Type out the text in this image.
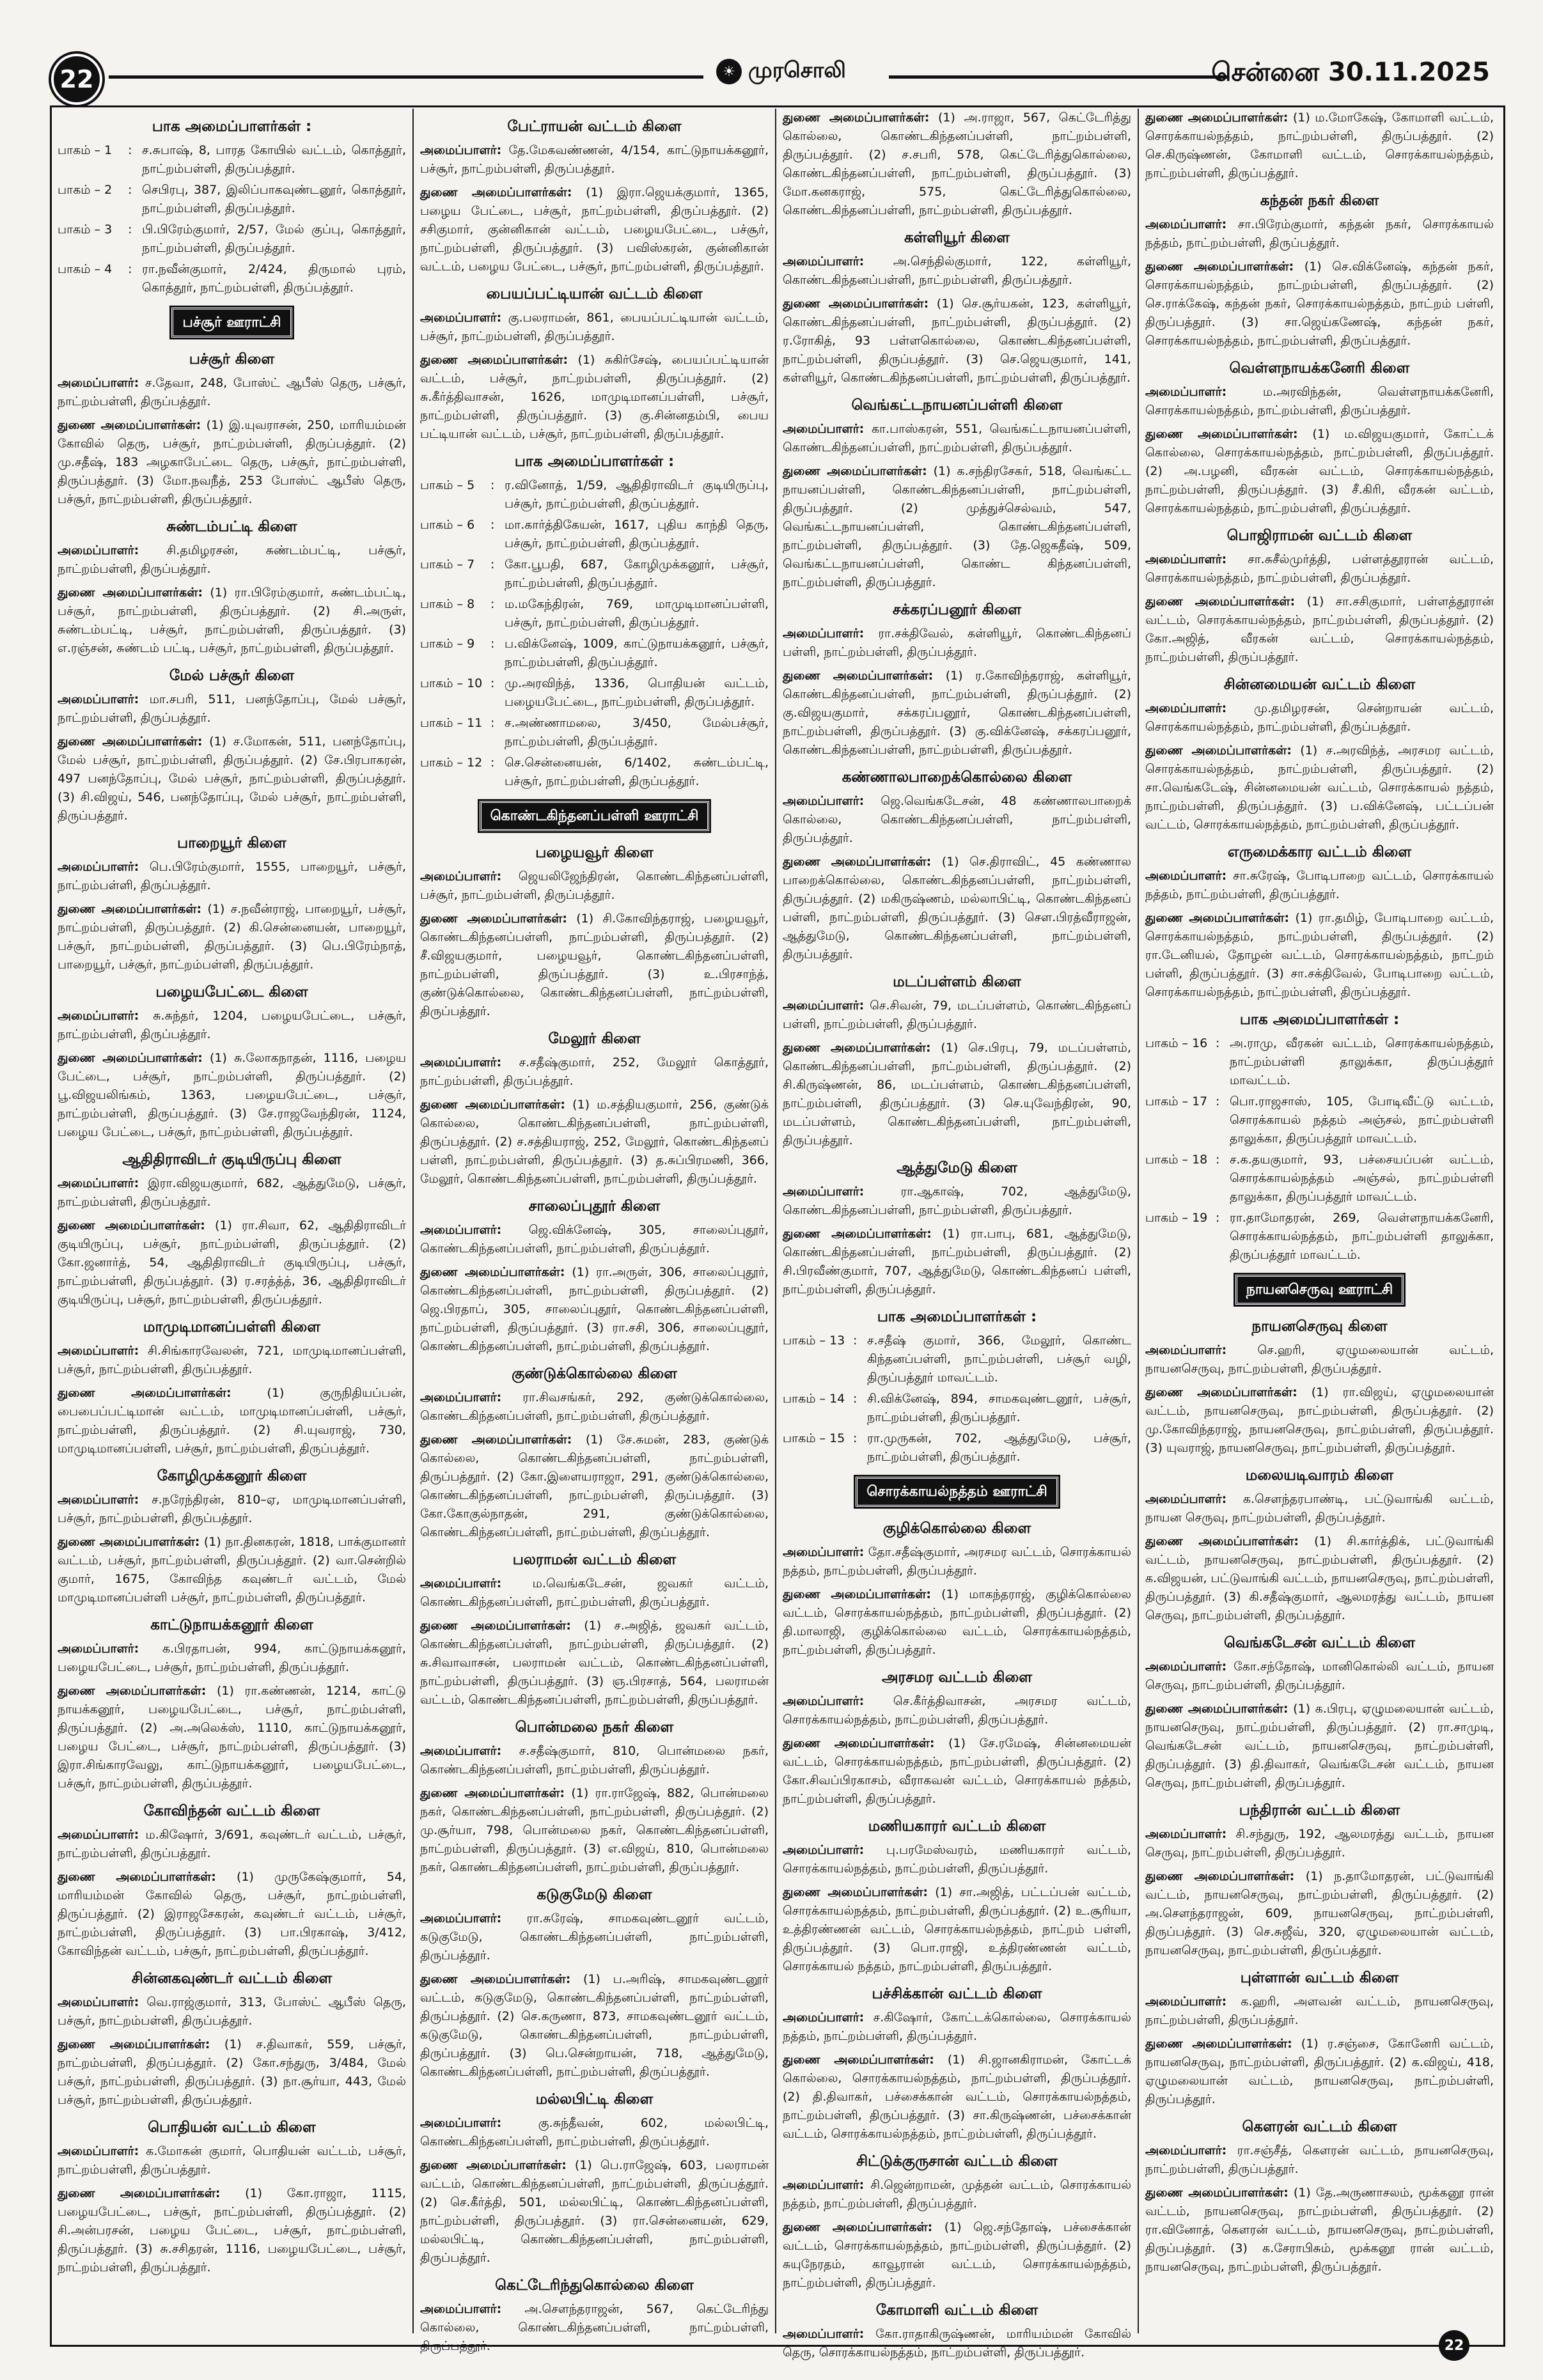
22	☀ முரசொலி	சென்னை 30.11.2025
பாக அமைப்பாளர்கள் :
பாகம் – 1	: ச.சுபாஷ், 8, பாரத கோயில் வட்டம், கொத்தூர், நாட்றம்பள்ளி, திருப்பத்தூர்.
பாகம் – 2	: செபிரபு, 387, இலிப்பாகவுண்டனூர், கொத்தூர், நாட்றம்பள்ளி, திருப்பத்தூர்.
பாகம் – 3	: பி.பிரேம்குமார், 2/57, மேல் குப்பு, கொத்தூர், நாட்றம்பள்ளி, திருப்பத்தூர்.
பாகம் – 4	: ரா.நவீன்குமார், 2/424, திருமால் புரம், கொத்தூர், நாட்றம்பள்ளி, திருப்பத்தூர்.
பச்சூர் ஊராட்சி
பச்சூர் கிளை
அமைப்பாளர்: ச.தேவா, 248, போஸ்ட் ஆபீஸ் தெரு, பச்சூர், நாட்றம்பள்ளி, திருப்பத்தூர்.
துணை அமைப்பாளர்கள்: (1) இ.யுவராசன், 250, மாரியம்மன் கோவில் தெரு, பச்சூர், நாட்றம்பள்ளி, திருப்பத்தூர். (2) மு.சதீஷ், 183 அழகாபேட்டை தெரு, பச்சூர், நாட்றம்பள்ளி, திருப்பத்தூர். (3) மோ.நவநீத், 253 போஸ்ட் ஆபீஸ் தெரு, பச்சூர், நாட்றம்பள்ளி, திருப்பத்தூர்.
சுண்டம்பட்டி கிளை
அமைப்பாளர்: சி.தமிழரசன், சுண்டம்பட்டி, பச்சூர், நாட்றம்பள்ளி, திருப்பத்தூர்.
துணை அமைப்பாளர்கள்: (1) ரா.பிரேம்குமார், சுண்டம்பட்டி, பச்சூர், நாட்றம்பள்ளி, திருப்பத்தூர். (2) சி.அருள், சுண்டம்பட்டி, பச்சூர், நாட்றம்பள்ளி, திருப்பத்தூர். (3) எ.ரஞ்சன், சுண்டம் பட்டி, பச்சூர், நாட்றம்பள்ளி, திருப்பத்தூர்.
மேல் பச்சூர் கிளை
அமைப்பாளர்: மா.சபரி, 511, பனந்தோப்பு, மேல் பச்சூர், நாட்றம்பள்ளி, திருப்பத்தூர்.
துணை அமைப்பாளர்கள்: (1) ச.மோகன், 511, பனந்தோப்பு, மேல் பச்சூர், நாட்றம்பள்ளி, திருப்பத்தூர். (2) சே.பிரபாகரன், 497 பனந்தோப்பு, மேல் பச்சூர், நாட்றம்பள்ளி, திருப்பத்தூர். (3) சி.விஜய், 546, பனந்தோப்பு, மேல் பச்சூர், நாட்றம்பள்ளி, திருப்பத்தூர்.
பாறையூர் கிளை
அமைப்பாளர்: பெ.பிரேம்குமார், 1555, பாறையூர், பச்சூர், நாட்றம்பள்ளி, திருப்பத்தூர்.
துணை அமைப்பாளர்கள்: (1) ச.நவீன்ராஜ், பாறையூர், பச்சூர், நாட்றம்பள்ளி, திருப்பத்தூர். (2) கி.சென்னையன், பாறையூர், பச்சூர், நாட்றம்பள்ளி, திருப்பத்தூர். (3) பெ.பிரேம்நாத், பாறையூர், பச்சூர், நாட்றம்பள்ளி, திருப்பத்தூர்.
பழையபேட்டை கிளை
அமைப்பாளர்: சு.சுந்தர், 1204, பழையபேட்டை, பச்சூர், நாட்றம்பள்ளி, திருப்பத்தூர்.
துணை அமைப்பாளர்கள்: (1) சு.லோகநாதன், 1116, பழைய பேட்டை, பச்சூர், நாட்றம்பள்ளி, திருப்பத்தூர். (2) பூ.விஜயலிங்கம், 1363, பழையபேட்டை, பச்சூர், நாட்றம்பள்ளி, திருப்பத்தூர். (3) சே.ராஜவேந்திரன், 1124, பழைய பேட்டை, பச்சூர், நாட்றம்பள்ளி, திருப்பத்தூர்.
ஆதிதிராவிடர் குடியிருப்பு கிளை
அமைப்பாளர்: இரா.விஜயகுமார், 682, ஆத்துமேடு, பச்சூர், நாட்றம்பள்ளி, திருப்பத்தூர்.
துணை அமைப்பாளர்கள்: (1) ரா.சிவா, 62, ஆதிதிராவிடர் குடியிருப்பு, பச்சூர், நாட்றம்பள்ளி, திருப்பத்தூர். (2) கோ.ஜனார்த், 54, ஆதிதிராவிடர் குடியிருப்பு, பச்சூர், நாட்றம்பள்ளி, திருப்பத்தூர். (3) ர.சரத்த்த், 36, ஆதிதிராவிடர் குடியிருப்பு, பச்சூர், நாட்றம்பள்ளி, திருப்பத்தூர்.
மாமுடிமானப்பள்ளி கிளை
அமைப்பாளர்: சி.சிங்காரவேலன், 721, மாமுடிமானப்பள்ளி, பச்சூர், நாட்றம்பள்ளி, திருப்பத்தூர்.
துணை அமைப்பாளர்கள்: (1) குருநிதியப்பன், பைபைப்பட்டிமான் வட்டம், மாமுடிமானப்பள்ளி, பச்சூர், நாட்றம்பள்ளி, திருப்பத்தூர். (2) சி.யுவராஜ், 730, மாமுடிமானப்பள்ளி, பச்சூர், நாட்றம்பள்ளி, திருப்பத்தூர்.
கோழிமுக்கனூர் கிளை
அமைப்பாளர்: ச.நரேந்திரன், 810–ஏ, மாமுடிமானப்பள்ளி, பச்சூர், நாட்றம்பள்ளி, திருப்பத்தூர்.
துணை அமைப்பாளர்கள்: (1) நா.தினகரன், 1818, பாக்குமானர் வட்டம், பச்சூர், நாட்றம்பள்ளி, திருப்பத்தூர். (2) வா.சென்றில் குமார், 1675, கோவிந்த கவுண்டர் வட்டம், மேல் மாமுடிமானப்பள்ளி பச்சூர், நாட்றம்பள்ளி, திருப்பத்தூர்.
காட்டுநாயக்கனூர் கிளை
அமைப்பாளர்: க.பிரதாபன், 994, காட்டுநாயக்கனூர், பழையபேட்டை, பச்சூர், நாட்றம்பள்ளி, திருப்பத்தூர்.
துணை அமைப்பாளர்கள்: (1) ரா.கண்ணன், 1214, காட்டு நாயக்கனூர், பழையபேட்டை, பச்சூர், நாட்றம்பள்ளி, திருப்பத்தூர். (2) அ.அலெக்ஸ், 1110, காட்டுநாயக்கனூர், பழைய பேட்டை, பச்சூர், நாட்றம்பள்ளி, திருப்பத்தூர். (3) இரா.சிங்காரவேலு, காட்டுநாயக்கனூர், பழையபேட்டை, பச்சூர், நாட்றம்பள்ளி, திருப்பத்தூர்.
கோவிந்தன் வட்டம் கிளை
அமைப்பாளர்: ம.கிஷோர், 3/691, கவுண்டர் வட்டம், பச்சூர், நாட்றம்பள்ளி, திருப்பத்தூர்.
துணை அமைப்பாளர்கள்: (1) முருகேஷ்குமார், 54, மாரியம்மன் கோவில் தெரு, பச்சூர், நாட்றம்பள்ளி, திருப்பத்தூர். (2) இராஜசேகரன், கவுண்டர் வட்டம், பச்சூர், நாட்றம்பள்ளி, திருப்பத்தூர். (3) பா.பிரகாஷ், 3/412, கோவிந்தன் வட்டம், பச்சூர், நாட்றம்பள்ளி, திருப்பத்தூர்.
சின்னகவுண்டர் வட்டம் கிளை
அமைப்பாளர்: வெ.ராஜ்குமார், 313, போஸ்ட் ஆபீஸ் தெரு, பச்சூர், நாட்றம்பள்ளி, திருப்பத்தூர்.
துணை அமைப்பாளர்கள்: (1) ச.திவாகர், 559, பச்சூர், நாட்றம்பள்ளி, திருப்பத்தூர். (2) கோ.சந்துரு, 3/484, மேல் பச்சூர், நாட்றம்பள்ளி, திருப்பத்தூர். (3) நா.சூர்யா, 443, மேல் பச்சூர், நாட்றம்பள்ளி, திருப்பத்தூர்.
பொதியன் வட்டம் கிளை
அமைப்பாளர்: க.மோகன் குமார், பொதியன் வட்டம், பச்சூர், நாட்றம்பள்ளி, திருப்பத்தூர்.
துணை அமைப்பாளர்கள்: (1) கோ.ராஜா, 1115, பழையபேட்டை, பச்சூர், நாட்றம்பள்ளி, திருப்பத்தூர். (2) சி.அன்பரசன், பழைய பேட்டை, பச்சூர், நாட்றம்பள்ளி, திருப்பத்தூர். (3) சு.சசிதரன், 1116, பழையபேட்டை, பச்சூர், நாட்றம்பள்ளி, திருப்பத்தூர்.
பேட்ராயன் வட்டம் கிளை
அமைப்பாளர்: தே.மேகவண்ணன், 4/154, காட்டுநாயக்கனூர், பச்சூர், நாட்றம்பள்ளி, திருப்பத்தூர்.
துணை அமைப்பாளர்கள்: (1) இரா.ஜெயக்குமார், 1365, பழைய பேட்டை, பச்சூர், நாட்றம்பள்ளி, திருப்பத்தூர். (2) சசிகுமார், குன்னிகான் வட்டம், பழையபேட்டை, பச்சூர், நாட்றம்பள்ளி, திருப்பத்தூர். (3) பவிஸ்கரன், குன்னிகான் வட்டம், பழைய பேட்டை, பச்சூர், நாட்றம்பள்ளி, திருப்பத்தூர்.
பையப்பட்டியான் வட்டம் கிளை
அமைப்பாளர்: கு.பலராமன், 861, பையப்பட்டியான் வட்டம், பச்சூர், நாட்றம்பள்ளி, திருப்பத்தூர்.
துணை அமைப்பாளர்கள்: (1) சுகிர்சேஷ், பையப்பட்டியான் வட்டம், பச்சூர், நாட்றம்பள்ளி, திருப்பத்தூர். (2) சு.கீர்த்திவாசன், 1626, மாமுடிமானப்பள்ளி, பச்சூர், நாட்றம்பள்ளி, திருப்பத்தூர். (3) கு.சின்னதம்பி, பைய பட்டியான் வட்டம், பச்சூர், நாட்றம்பள்ளி, திருப்பத்தூர்.
பாக அமைப்பாளர்கள் :
பாகம் – 5	: ர.வினோத், 1/59, ஆதிதிராவிடர் குடியிருப்பு, பச்சூர், நாட்றம்பள்ளி, திருப்பத்தூர்.
பாகம் – 6	: மா.கார்த்திகேயன், 1617, புதிய காந்தி தெரு, பச்சூர், நாட்றம்பள்ளி, திருப்பத்தூர்.
பாகம் – 7	: கோ.பூபதி, 687, கோழிமுக்கனூர், பச்சூர், நாட்றம்பள்ளி, திருப்பத்தூர்.
பாகம் – 8	: ம.மகேந்திரன், 769, மாமுடிமானப்பள்ளி, பச்சூர், நாட்றம்பள்ளி, திருப்பத்தூர்.
பாகம் – 9	: ப.விக்னேஷ், 1009, காட்டுநாயக்கனூர், பச்சூர், நாட்றம்பள்ளி, திருப்பத்தூர்.
பாகம் – 10 : மு.அரவிந்த், 1336, பொதியன் வட்டம், பழையபேட்டை, நாட்றம்பள்ளி, திருப்பத்தூர்.
பாகம் – 11 : ச.அண்ணாமலை, 3/450, மேல்பச்சூர், நாட்றம்பள்ளி, திருப்பத்தூர்.
பாகம் – 12 : செ.சென்னையன், 6/1402, சுண்டம்பட்டி, பச்சூர், நாட்றம்பள்ளி, திருப்பத்தூர்.
கொண்டகிந்தனப்பள்ளி ஊராட்சி
பழையவூர் கிளை
அமைப்பாளர்: ஜெயலிஜேந்திரன், கொண்டகிந்தனப்பள்ளி, பச்சூர், நாட்றம்பள்ளி, திருப்பத்தூர்.
துணை அமைப்பாளர்கள்: (1) சி.கோவிந்தராஜ், பழையவூர், கொண்டகிந்தனப்பள்ளி, நாட்றம்பள்ளி, திருப்பத்தூர். (2) சீ.விஜயகுமார், பழையவூர், கொண்டகிந்தனப்பள்ளி, நாட்றம்பள்ளி, திருப்பத்தூர். (3) உ.பிரசாந்த், குண்டுக்கொல்லை, கொண்டகிந்தனப்பள்ளி, நாட்றம்பள்ளி, திருப்பத்தூர்.
மேலூர் கிளை
அமைப்பாளர்: ச.சதீஷ்குமார், 252, மேலூர் கொத்தூர், நாட்றம்பள்ளி, திருப்பத்தூர்.
துணை அமைப்பாளர்கள்: (1) ம.சத்தியகுமார், 256, குண்டுக் கொல்லை, கொண்டகிந்தனப்பள்ளி, நாட்றம்பள்ளி, திருப்பத்தூர். (2) ச.சத்தியராஜ், 252, மேலூர், கொண்டகிந்தனப் பள்ளி, நாட்றம்பள்ளி, திருப்பத்தூர். (3) த.சுப்பிரமணி, 366, மேலூர், கொண்டகிந்தனப்பள்ளி, நாட்றம்பள்ளி, திருப்பத்தூர்.
சாலைப்புதூர் கிளை
அமைப்பாளர்: ஜெ.விக்னேஷ், 305, சாலைப்புதூர், கொண்டகிந்தனப்பள்ளி, நாட்றம்பள்ளி, திருப்பத்தூர்.
துணை அமைப்பாளர்கள்: (1) ரா.அருள், 306, சாலைப்புதூர், கொண்டகிந்தனப்பள்ளி, நாட்றம்பள்ளி, திருப்பத்தூர். (2) ஜெ.பிரதாப், 305, சாலைப்புதூர், கொண்டகிந்தனப்பள்ளி, நாட்றம்பள்ளி, திருப்பத்தூர். (3) ரா.சசி, 306, சாலைப்புதூர், கொண்டகிந்தனப்பள்ளி, நாட்றம்பள்ளி, திருப்பத்தூர்.
குண்டுக்கொல்லை கிளை
அமைப்பாளர்: ரா.சிவசங்கர், 292, குண்டுக்கொல்லை, கொண்டகிந்தனப்பள்ளி, நாட்றம்பள்ளி, திருப்பத்தூர்.
துணை அமைப்பாளர்கள்: (1) சே.சுமன், 283, குண்டுக் கொல்லை, கொண்டகிந்தனப்பள்ளி, நாட்றம்பள்ளி, திருப்பத்தூர். (2) கோ.இளையராஜா, 291, குண்டுக்கொல்லை, கொண்டகிந்தனப்பள்ளி, நாட்றம்பள்ளி, திருப்பத்தூர். (3) கோ.கோகுல்நாதன், 291, குண்டுக்கொல்லை, கொண்டகிந்தனப்பள்ளி, நாட்றம்பள்ளி, திருப்பத்தூர்.
பலராமன் வட்டம் கிளை
அமைப்பாளர்: ம.வெங்கடேசன், ஜவகர் வட்டம், கொண்டகிந்தனப்பள்ளி, நாட்றம்பள்ளி, திருப்பத்தூர்.
துணை அமைப்பாளர்கள்: (1) ச.அஜித், ஜவகர் வட்டம், கொண்டகிந்தனப்பள்ளி, நாட்றம்பள்ளி, திருப்பத்தூர். (2) சு.சிவாவாசன், பலராமன் வட்டம், கொண்டகிந்தனப்பள்ளி, நாட்றம்பள்ளி, திருப்பத்தூர். (3) ஞ.பிரசாத், 564, பலராமன் வட்டம், கொண்டகிந்தனப்பள்ளி, நாட்றம்பள்ளி, திருப்பத்தூர்.
பொன்மலை நகர் கிளை
அமைப்பாளர்: ச.சதீஷ்குமார், 810, பொன்மலை நகர், கொண்டகிந்தனப்பள்ளி, நாட்றம்பள்ளி, திருப்பத்தூர்.
துணை அமைப்பாளர்கள்: (1) ரா.ராஜேஷ், 882, பொன்மலை நகர், கொண்டகிந்தனப்பள்ளி, நாட்றம்பள்ளி, திருப்பத்தூர். (2) மு.சூர்யா, 798, பொன்மலை நகர், கொண்டகிந்தனப்பள்ளி, நாட்றம்பள்ளி, திருப்பத்தூர். (3) எ.விஜய், 810, பொன்மலை நகர், கொண்டகிந்தனப்பள்ளி, நாட்றம்பள்ளி, திருப்பத்தூர்.
கடுகுமேடு கிளை
அமைப்பாளர்: ரா.சுரேஷ், சாமகவுண்டனூர் வட்டம், கடுகுமேடு, கொண்டகிந்தனப்பள்ளி, நாட்றம்பள்ளி, திருப்பத்தூர்.
துணை அமைப்பாளர்கள்: (1) ப.அரிஷ், சாமகவுண்டனூர் வட்டம், கடுகுமேடு, கொண்டகிந்தனப்பள்ளி, நாட்றம்பள்ளி, திருப்பத்தூர். (2) செ.கருணா, 873, சாமகவுண்டனூர் வட்டம், கடுகுமேடு, கொண்டகிந்தனப்பள்ளி, நாட்றம்பள்ளி, திருப்பத்தூர். (3) பெ.சென்றாயன், 718, ஆத்துமேடு, கொண்டகிந்தனப்பள்ளி, நாட்றம்பள்ளி, திருப்பத்தூர்.
மல்லபிட்டி கிளை
அமைப்பாளர்: கு.சுந்தீவன், 602, மல்லபிட்டி, கொண்டகிந்தனப்பள்ளி, நாட்றம்பள்ளி, திருப்பத்தூர்.
துணை அமைப்பாளர்கள்: (1) பெ.ராஜேஷ், 603, பலராமன் வட்டம், கொண்டகிந்தனப்பள்ளி, நாட்றம்பள்ளி, திருப்பத்தூர். (2) செ.கீர்த்தி, 501, மல்லபிட்டி, கொண்டகிந்தனப்பள்ளி, நாட்றம்பள்ளி, திருப்பத்தூர். (3) ரா.சென்னையன், 629, மல்லபிட்டி, கொண்டகிந்தனப்பள்ளி, நாட்றம்பள்ளி, திருப்பத்தூர்.
கெட்டேரிந்துகொல்லை கிளை
அமைப்பாளர்: அ.சௌந்தராஜன், 567, கெட்டேரிந்து கொல்லை, கொண்டகிந்தனப்பள்ளி, நாட்றம்பள்ளி, திருப்பத்தூர்.
துணை அமைப்பாளர்கள்: (1) அ.ராஜா, 567, கெட்டேரித்து கொல்லை, கொண்டகிந்தனப்பள்ளி, நாட்றம்பள்ளி, திருப்பத்தூர். (2) ச.சபரி, 578, கெட்டேரித்துகொல்லை, கொண்டகிந்தனப்பள்ளி, நாட்றம்பள்ளி, திருப்பத்தூர். (3) மோ.கனகராஜ், 575, கெட்டேரித்துகொல்லை, கொண்டகிந்தனப்பள்ளி, நாட்றம்பள்ளி, திருப்பத்தூர்.
கள்ளியூர் கிளை
அமைப்பாளர்: அ.செந்தில்குமார், 122, கள்ளியூர், கொண்டகிந்தனப்பள்ளி, நாட்றம்பள்ளி, திருப்பத்தூர்.
துணை அமைப்பாளர்கள்: (1) செ.சூர்யகன், 123, கள்ளியூர், கொண்டகிந்தனப்பள்ளி, நாட்றம்பள்ளி, திருப்பத்தூர். (2) ர.ரோகித், 93 பள்ளகொல்லை, கொண்டகிந்தனப்பள்ளி, நாட்றம்பள்ளி, திருப்பத்தூர். (3) செ.ஜெயகுமார், 141, கள்ளியூர், கொண்டகிந்தனப்பள்ளி, நாட்றம்பள்ளி, திருப்பத்தூர்.
வெங்கட்டநாயனப்பள்ளி கிளை
அமைப்பாளர்: கா.பாஸ்கரன், 551, வெங்கட்டநாயனப்பள்ளி, கொண்டகிந்தனப்பள்ளி, நாட்றம்பள்ளி, திருப்பத்தூர்.
துணை அமைப்பாளர்கள்: (1) க.சந்திரசேகர், 518, வெங்கட்ட நாயனப்பள்ளி, கொண்டகிந்தனப்பள்ளி, நாட்றம்பள்ளி, திருப்பத்தூர். (2) முத்துச்செல்வம், 547, வெங்கட்டநாயனப்பள்ளி, கொண்டகிந்தனப்பள்ளி, நாட்றம்பள்ளி, திருப்பத்தூர். (3) தே.ஜெகதீஷ், 509, வெங்கட்டநாயனப்பள்ளி, கொண்ட கிந்தனப்பள்ளி, நாட்றம்பள்ளி, திருப்பத்தூர்.
சக்கரப்பனூர் கிளை
அமைப்பாளர்: ரா.சக்திவேல், கள்ளியூர், கொண்டகிந்தனப் பள்ளி, நாட்றம்பள்ளி, திருப்பத்தூர்.
துணை அமைப்பாளர்கள்: (1) ர.கோவிந்தராஜ், கள்ளியூர், கொண்டகிந்தனப்பள்ளி, நாட்றம்பள்ளி, திருப்பத்தூர். (2) கு.விஜயகுமார், சக்கரப்பனூர், கொண்டகிந்தனப்பள்ளி, நாட்றம்பள்ளி, திருப்பத்தூர். (3) கு.விக்னேஷ், சக்கரப்பனூர், கொண்டகிந்தனப்பள்ளி, நாட்றம்பள்ளி, திருப்பத்தூர்.
கண்ணாலபாறைக்கொல்லை கிளை
அமைப்பாளர்: ஜெ.வெங்கடேசன், 48 கண்ணாலபாறைக் கொல்லை, கொண்டகிந்தனப்பள்ளி, நாட்றம்பள்ளி, திருப்பத்தூர்.
துணை அமைப்பாளர்கள்: (1) செ.திராவிட், 45 கண்ணால பாறைக்கொல்லை, கொண்டகிந்தனப்பள்ளி, நாட்றம்பள்ளி, திருப்பத்தூர். (2) மகிருஷ்ணம், மல்லாபிட்டி, கொண்டகிந்தனப் பள்ளி, நாட்றம்பள்ளி, திருப்பத்தூர். (3) சௌ.பிரத்வீராஜன், ஆத்துமேடு, கொண்டகிந்தனப்பள்ளி, நாட்றம்பள்ளி, திருப்பத்தூர்.
மடப்பள்ளம் கிளை
அமைப்பாளர்: செ.சிவன், 79, மடப்பள்ளம், கொண்டகிந்தனப் பள்ளி, நாட்றம்பள்ளி, திருப்பத்தூர்.
துணை அமைப்பாளர்கள்: (1) செ.பிரபு, 79, மடப்பள்ளம், கொண்டகிந்தனப்பள்ளி, நாட்றம்பள்ளி, திருப்பத்தூர். (2) சி.கிருஷ்ணன், 86, மடப்பள்ளம், கொண்டகிந்தனப்பள்ளி, நாட்றம்பள்ளி, திருப்பத்தூர். (3) செ.யுவேந்திரன், 90, மடப்பள்ளம், கொண்டகிந்தனப்பள்ளி, நாட்றம்பள்ளி, திருப்பத்தூர்.
ஆத்துமேடு கிளை
அமைப்பாளர்: ரா.ஆகாஷ், 702, ஆத்துமேடு, கொண்டகிந்தனப்பள்ளி, நாட்றம்பள்ளி, திருப்பத்தூர்.
துணை அமைப்பாளர்கள்: (1) ரா.பாபு, 681, ஆத்துமேடு, கொண்டகிந்தனப்பள்ளி, நாட்றம்பள்ளி, திருப்பத்தூர். (2) சி.பிரவீண்குமார், 707, ஆத்துமேடு, கொண்டகிந்தனப் பள்ளி, நாட்றம்பள்ளி, திருப்பத்தூர்.
பாக அமைப்பாளர்கள் :
பாகம் – 13 : ச.சதீஷ் குமார், 366, மேலூர், கொண்ட கிந்தனப்பள்ளி, நாட்றம்பள்ளி, பச்சூர் வழி, திருப்பத்தூர் மாவட்டம்.
பாகம் – 14 : சி.விக்னேஷ், 894, சாமகவுண்டனூர், பச்சூர், நாட்றம்பள்ளி, திருப்பத்தூர்.
பாகம் – 15 : ரா.முருகன், 702, ஆத்துமேடு, பச்சூர், நாட்றம்பள்ளி, திருப்பத்தூர்.
சொரக்காயல்நத்தம் ஊராட்சி
குழிக்கொல்லை கிளை
அமைப்பாளர்: தோ.சதீஷ்குமார், அரசமர வட்டம், சொரக்காயல் நத்தம், நாட்றம்பள்ளி, திருப்பத்தூர்.
துணை அமைப்பாளர்கள்: (1) மாகந்தராஜ், குழிக்கொல்லை வட்டம், சொரக்காயல்நத்தம், நாட்றம்பள்ளி, திருப்பத்தூர். (2) தி.மாலாஜி, குழிக்கொல்லை வட்டம், சொரக்காயல்நத்தம், நாட்றம்பள்ளி, திருப்பத்தூர்.
அரசமர வட்டம் கிளை
அமைப்பாளர்: செ.கீர்த்திவாசன், அரசமர வட்டம், சொரக்காயல்நத்தம், நாட்றம்பள்ளி, திருப்பத்தூர்.
துணை அமைப்பாளர்கள்: (1) சே.ரமேஷ், சின்னமையன் வட்டம், சொரக்காயல்நத்தம், நாட்றம்பள்ளி, திருப்பத்தூர். (2) கோ.சிவப்பிரகாசம், வீராகவன் வட்டம், சொரக்காயல் நத்தம், நாட்றம்பள்ளி, திருப்பத்தூர்.
மணியகாரர் வட்டம் கிளை
அமைப்பாளர்: பு.பரமேஸ்வரம், மணியகாரர் வட்டம், சொரக்காயல்நத்தம், நாட்றம்பள்ளி, திருப்பத்தூர்.
துணை அமைப்பாளர்கள்: (1) சா.அஜித், பட்டப்பன் வட்டம், சொரக்காயல்நத்தம், நாட்றம்பள்ளி, திருப்பத்தூர். (2) உ.சூரியா, உத்திரண்ணன் வட்டம், சொரக்காயல்நத்தம், நாட்றம் பள்ளி, திருப்பத்தூர். (3) பொ.ராஜி, உத்திரண்ணன் வட்டம், சொரக்காயல் நத்தம், நாட்றம்பள்ளி, திருப்பத்தூர்.
பச்சிக்கான் வட்டம் கிளை
அமைப்பாளர்: ச.கிஷோர், கோட்டக்கொல்லை, சொரக்காயல் நத்தம், நாட்றம்பள்ளி, திருப்பத்தூர்.
துணை அமைப்பாளர்கள்: (1) சி.ஜானகிராமன், கோட்டக் கொல்லை, சொரக்காயல்நத்தம், நாட்றம்பள்ளி, திருப்பத்தூர். (2) தி.திவாகர், பச்சைக்கான் வட்டம், சொரக்காயல்நத்தம், நாட்றம்பள்ளி, திருப்பத்தூர். (3) சா.கிருஷ்ணன், பச்சைக்கான் வட்டம், சொரக்காயல்நத்தம், நாட்றம்பள்ளி, திருப்பத்தூர்.
சிட்டுக்குருசான் வட்டம் கிளை
அமைப்பாளர்: சி.ஜென்றாமன், முத்தன் வட்டம், சொரக்காயல் நத்தம், நாட்றம்பள்ளி, திருப்பத்தூர்.
துணை அமைப்பாளர்கள்: (1) ஜெ.சந்தோஷ், பச்சைக்கான் வட்டம், சொரக்காயல்நத்தம், நாட்றம்பள்ளி, திருப்பத்தூர். (2) சுயுநேரதம், காவூரான் வட்டம், சொரக்காயல்நத்தம், நாட்றம்பள்ளி, திருப்பத்தூர்.
கோமாளி வட்டம் கிளை
அமைப்பாளர்: கோ.ராதாகிருஷ்ணன், மாரியம்மன் கோவில் தெரு, சொரக்காயல்நத்தம், நாட்றம்பள்ளி, திருப்பத்தூர்.
துணை அமைப்பாளர்கள்: (1) ம.மோகேஷ், கோமாளி வட்டம், சொரக்காயல்நத்தம், நாட்றம்பள்ளி, திருப்பத்தூர். (2) செ.கிருஷ்ணன், கோமாளி வட்டம், சொரக்காயல்நத்தம், நாட்றம்பள்ளி, திருப்பத்தூர்.
கந்தன் நகர் கிளை
அமைப்பாளர்: சா.பிரேம்குமார், கந்தன் நகர், சொரக்காயல் நத்தம், நாட்றம்பள்ளி, திருப்பத்தூர்.
துணை அமைப்பாளர்கள்: (1) செ.விக்னேஷ், கந்தன் நகர், சொரக்காயல்நத்தம், நாட்றம்பள்ளி, திருப்பத்தூர். (2) செ.ராக்கேஷ், கந்தன் நகர், சொரக்காயல்நத்தம், நாட்றம் பள்ளி, திருப்பத்தூர். (3) சா.ஜெய்கணேஷ், கந்தன் நகர், சொரக்காயல்நத்தம், நாட்றம்பள்ளி, திருப்பத்தூர்.
வெள்ளநாயக்கனேரி கிளை
அமைப்பாளர்: ம.அரவிந்தன், வெள்ளநாயக்கனேரி, சொரக்காயல்நத்தம், நாட்றம்பள்ளி, திருப்பத்தூர்.
துணை அமைப்பாளர்கள்: (1) ம.விஜயகுமார், கோட்டக் கொல்லை, சொரக்காயல்நத்தம், நாட்றம்பள்ளி, திருப்பத்தூர். (2) அ.பழனி, வீரகன் வட்டம், சொரக்காயல்நத்தம், நாட்றம்பள்ளி, திருப்பத்தூர். (3) சீ.கிரி, வீரகன் வட்டம், சொரக்காயல்நத்தம், நாட்றம்பள்ளி, திருப்பத்தூர்.
பொஜிராமன் வட்டம் கிளை
அமைப்பாளர்: சா.சுசீல்முர்த்தி, பள்ளத்தூரான் வட்டம், சொரக்காயல்நத்தம், நாட்றம்பள்ளி, திருப்பத்தூர்.
துணை அமைப்பாளர்கள்: (1) சா.சசிகுமார், பள்ளத்தூரான் வட்டம், சொரக்காயல்நத்தம், நாட்றம்பள்ளி, திருப்பத்தூர். (2) கோ.அஜித், வீரகன் வட்டம், சொரக்காயல்நத்தம், நாட்றம்பள்ளி, திருப்பத்தூர்.
சின்னமையன் வட்டம் கிளை
அமைப்பாளர்: மு.தமிழரசன், சென்றாயன் வட்டம், சொரக்காயல்நத்தம், நாட்றம்பள்ளி, திருப்பத்தூர்.
துணை அமைப்பாளர்கள்: (1) ச.அரவிந்த், அரசமர வட்டம், சொரக்காயல்நத்தம், நாட்றம்பள்ளி, திருப்பத்தூர். (2) சா.வெங்கடேஷ், சின்னமையன் வட்டம், சொரக்காயல் நத்தம், நாட்றம்பள்ளி, திருப்பத்தூர். (3) ப.விக்னேஷ், பட்டப்பன் வட்டம், சொரக்காயல்நத்தம், நாட்றம்பள்ளி, திருப்பத்தூர்.
எருமைக்கார வட்டம் கிளை
அமைப்பாளர்: சா.சுரேஷ், போடிபாறை வட்டம், சொரக்காயல் நத்தம், நாட்றம்பள்ளி, திருப்பத்தூர்.
துணை அமைப்பாளர்கள்: (1) ரா.தமிழ், போடிபாறை வட்டம், சொரக்காயல்நத்தம், நாட்றம்பள்ளி, திருப்பத்தூர். (2) ரா.டேனியல், தோழன் வட்டம், சொரக்காயல்நத்தம், நாட்றம் பள்ளி, திருப்பத்தூர். (3) சா.சக்திவேல், போடிபாறை வட்டம், சொரக்காயல்நத்தம், நாட்றம்பள்ளி, திருப்பத்தூர்.
பாக அமைப்பாளர்கள் :
பாகம் – 16 : அ.ராமு, வீரகன் வட்டம், சொரக்காயல்நத்தம், நாட்றம்பள்ளி தாலுக்கா, திருப்பத்தூர் மாவட்டம்.
பாகம் – 17 : பொ.ராஜசாஸ், 105, போடிவீட்டு வட்டம், சொரக்காயல் நத்தம் அஞ்சல், நாட்றம்பள்ளி தாலுக்கா, திருப்பத்தூர் மாவட்டம்.
பாகம் – 18 : ச.க.தயகுமார், 93, பச்சையப்பன் வட்டம், சொரக்காயல்நத்தம் அஞ்சல், நாட்றம்பள்ளி தாலுக்கா, திருப்பத்தூர் மாவட்டம்.
பாகம் – 19 : ரா.தாமோதரன், 269, வெள்ளநாயக்கனேரி, சொரக்காயல்நத்தம், நாட்றம்பள்ளி தாலுக்கா, திருப்பத்தூர் மாவட்டம்.
நாயனசெருவு ஊராட்சி
நாயனசெருவு கிளை
அமைப்பாளர்: செ.ஹரி, ஏழுமலையான் வட்டம், நாயனசெருவு, நாட்றம்பள்ளி, திருப்பத்தூர்.
துணை அமைப்பாளர்கள்: (1) ரா.விஜய், ஏழுமலையான் வட்டம், நாயனசெருவு, நாட்றம்பள்ளி, திருப்பத்தூர். (2) மு.கோவிந்தராஜ், நாயனசெருவு, நாட்றம்பள்ளி, திருப்பத்தூர். (3) யுவராஜ், நாயனசெருவு, நாட்றம்பள்ளி, திருப்பத்தூர்.
மலையடிவாரம் கிளை
அமைப்பாளர்: க.சௌந்தரபாண்டி, பட்டுவாங்கி வட்டம், நாயன செருவு, நாட்றம்பள்ளி, திருப்பத்தூர்.
துணை அமைப்பாளர்கள்: (1) சி.கார்த்திக், பட்டுவாங்கி வட்டம், நாயனசெருவு, நாட்றம்பள்ளி, திருப்பத்தூர். (2) க.விஜயன், பட்டுவாங்கி வட்டம், நாயனசெருவு, நாட்றம்பள்ளி, திருப்பத்தூர். (3) கி.சதீஷ்குமார், ஆலமரத்து வட்டம், நாயன செருவு, நாட்றம்பள்ளி, திருப்பத்தூர்.
வெங்கடேசன் வட்டம் கிளை
அமைப்பாளர்: கோ.சந்தோஷ், மானிகொல்லி வட்டம், நாயன செருவு, நாட்றம்பள்ளி, திருப்பத்தூர்.
துணை அமைப்பாளர்கள்: (1) க.பிரபு, ஏழுமலையான் வட்டம், நாயனசெருவு, நாட்றம்பள்ளி, திருப்பத்தூர். (2) ரா.சாமுடி, வெங்கடேசன் வட்டம், நாயனசெருவு, நாட்றம்பள்ளி, திருப்பத்தூர். (3) தி.திவாகர், வெங்கடேசன் வட்டம், நாயன செருவு, நாட்றம்பள்ளி, திருப்பத்தூர்.
பந்திரான் வட்டம் கிளை
அமைப்பாளர்: சி.சந்துரு, 192, ஆலமரத்து வட்டம், நாயன செருவு, நாட்றம்பள்ளி, திருப்பத்தூர்.
துணை அமைப்பாளர்கள்: (1) ந.தாமோதரன், பட்டுவாங்கி வட்டம், நாயனசெருவு, நாட்றம்பள்ளி, திருப்பத்தூர். (2) அ.சௌந்தராஜன், 609, நாயனசெருவு, நாட்றம்பள்ளி, திருப்பத்தூர். (3) செ.சுஜீவ், 320, ஏழுமலையான் வட்டம், நாயனசெருவு, நாட்றம்பள்ளி, திருப்பத்தூர்.
புள்ளான் வட்டம் கிளை
அமைப்பாளர்: க.ஹரி, அளவன் வட்டம், நாயனசெருவு, நாட்றம்பள்ளி, திருப்பத்தூர்.
துணை அமைப்பாளர்கள்: (1) ர.சஞ்சை, கோனேரி வட்டம், நாயனசெருவு, நாட்றம்பள்ளி, திருப்பத்தூர். (2) க.விஜய், 418, ஏழுமலையான் வட்டம், நாயனசெருவு, நாட்றம்பள்ளி, திருப்பத்தூர்.
கௌரன் வட்டம் கிளை
அமைப்பாளர்: ரா.சஞ்சீத், கௌரன் வட்டம், நாயனசெருவு, நாட்றம்பள்ளி, திருப்பத்தூர்.
துணை அமைப்பாளர்கள்: (1) தே.அருணாசலம், மூக்கனூ ரான் வட்டம், நாயனசெருவு, நாட்றம்பள்ளி, திருப்பத்தூர். (2) ரா.வினோத், கெளரன் வட்டம், நாயனசெருவு, நாட்றம்பள்ளி, திருப்பத்தூர். (3) க.சேராபிசும், மூக்கனூ ரான் வட்டம், நாயனசெருவு, நாட்றம்பள்ளி, திருப்பத்தூர்.
22
